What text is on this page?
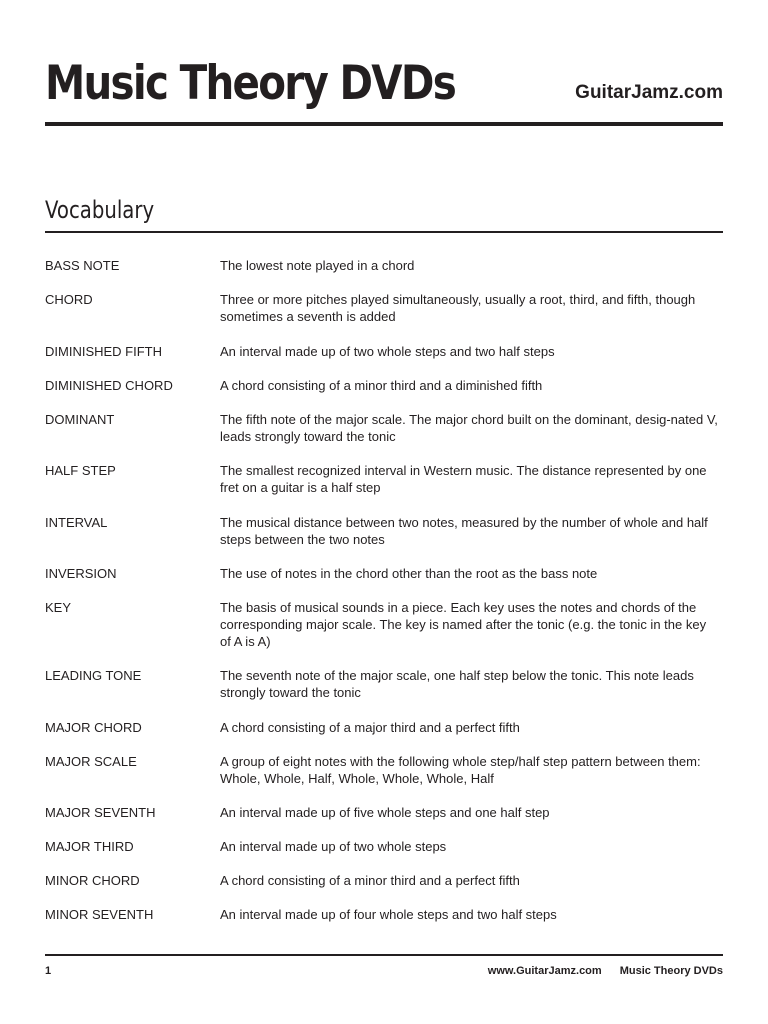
Music Theory DVDs	GuitarJamz.com
Vocabulary
BASS NOTE	The lowest note played in a chord
CHORD	Three or more pitches played simultaneously, usually a root, third, and fifth, though sometimes a seventh is added
DIMINISHED FIFTH	An interval made up of two whole steps and two half steps
DIMINISHED CHORD	A chord consisting of a minor third and a diminished fifth
DOMINANT	The fifth note of the major scale. The major chord built on the dominant, desig-nated V, leads strongly toward the tonic
HALF STEP	The smallest recognized interval in Western music. The distance represented by one fret on a guitar is a half step
INTERVAL	The musical distance between two notes, measured by the number of whole and half steps between the two notes
INVERSION	The use of notes in the chord other than the root as the bass note
KEY	The basis of musical sounds in a piece. Each key uses the notes and chords of the corresponding major scale. The key is named after the tonic (e.g. the tonic in the key of A is A)
LEADING TONE	The seventh note of the major scale, one half step below the tonic. This note leads strongly toward the tonic
MAJOR CHORD	A chord consisting of a major third and a perfect fifth
MAJOR SCALE	A group of eight notes with the following whole step/half step pattern between them: Whole, Whole, Half, Whole, Whole, Whole, Half
MAJOR SEVENTH	An interval made up of five whole steps and one half step
MAJOR THIRD	An interval made up of two whole steps
MINOR CHORD	A chord consisting of a minor third and a perfect fifth
MINOR SEVENTH	An interval made up of four whole steps and two half steps
1	www.GuitarJamz.com Music Theory DVDs
